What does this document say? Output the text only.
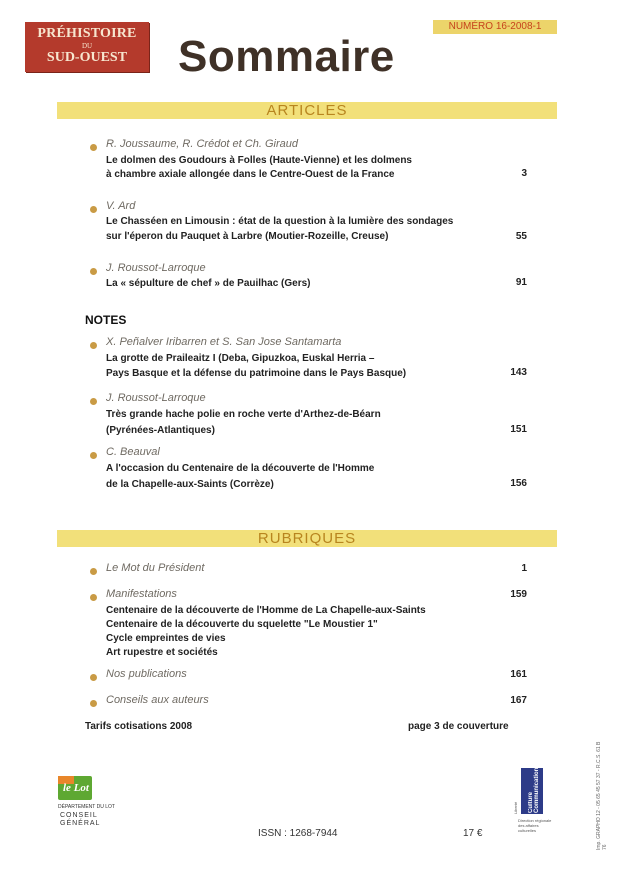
PRÉHISTOIRE
DU
SUD-OUEST
NUMÉRO 16-2008-1
Sommaire
ARTICLES
R. Joussaume, R. Crédot et Ch. Giraud
Le dolmen des Goudours à Folles (Haute-Vienne) et les dolmens
à chambre axiale allongée dans le Centre-Ouest de la France	3
V. Ard
Le Chasséen en Limousin : état de la question à la lumière des sondages
sur l'éperon du Pauquet à Larbre (Moutier-Rozeille, Creuse)	55
J. Roussot-Larroque
La « sépulture de chef » de Pauilhac (Gers)	91
NOTES
X. Peñalver Iribarren et S. San Jose Santamarta
La grotte de Praileaitz I (Deba, Gipuzkoa, Euskal Herria –
Pays Basque et la défense du patrimoine dans le Pays Basque)	143
J. Roussot-Larroque
Très grande hache polie en roche verte d'Arthez-de-Béarn
(Pyrénées-Atlantiques)	151
C. Beauval
A l'occasion du Centenaire de la découverte de l'Homme
de la Chapelle-aux-Saints (Corrèze)	156
RUBRIQUES
Le Mot du Président	1
Manifestations	159
Centenaire de la découverte de l'Homme de La Chapelle-aux-Saints
Centenaire de la découverte du squelette "Le Moustier 1"
Cycle empreintes de vies
Art rupestre et sociétés
Nos publications	161
Conseils aux auteurs	167
Tarifs cotisations 2008	page 3 de couverture
le Lot
DÉPARTEMENT DU LOT
CONSEIL
GÉNÉRAL
ISSN : 1268-7944	17 €
Culture Communication
Liberté
Direction régionale des affaires culturelles	Imp. GRAPHO 12 - 05 65 45 57 37 - R.C.S. 61 B 76
